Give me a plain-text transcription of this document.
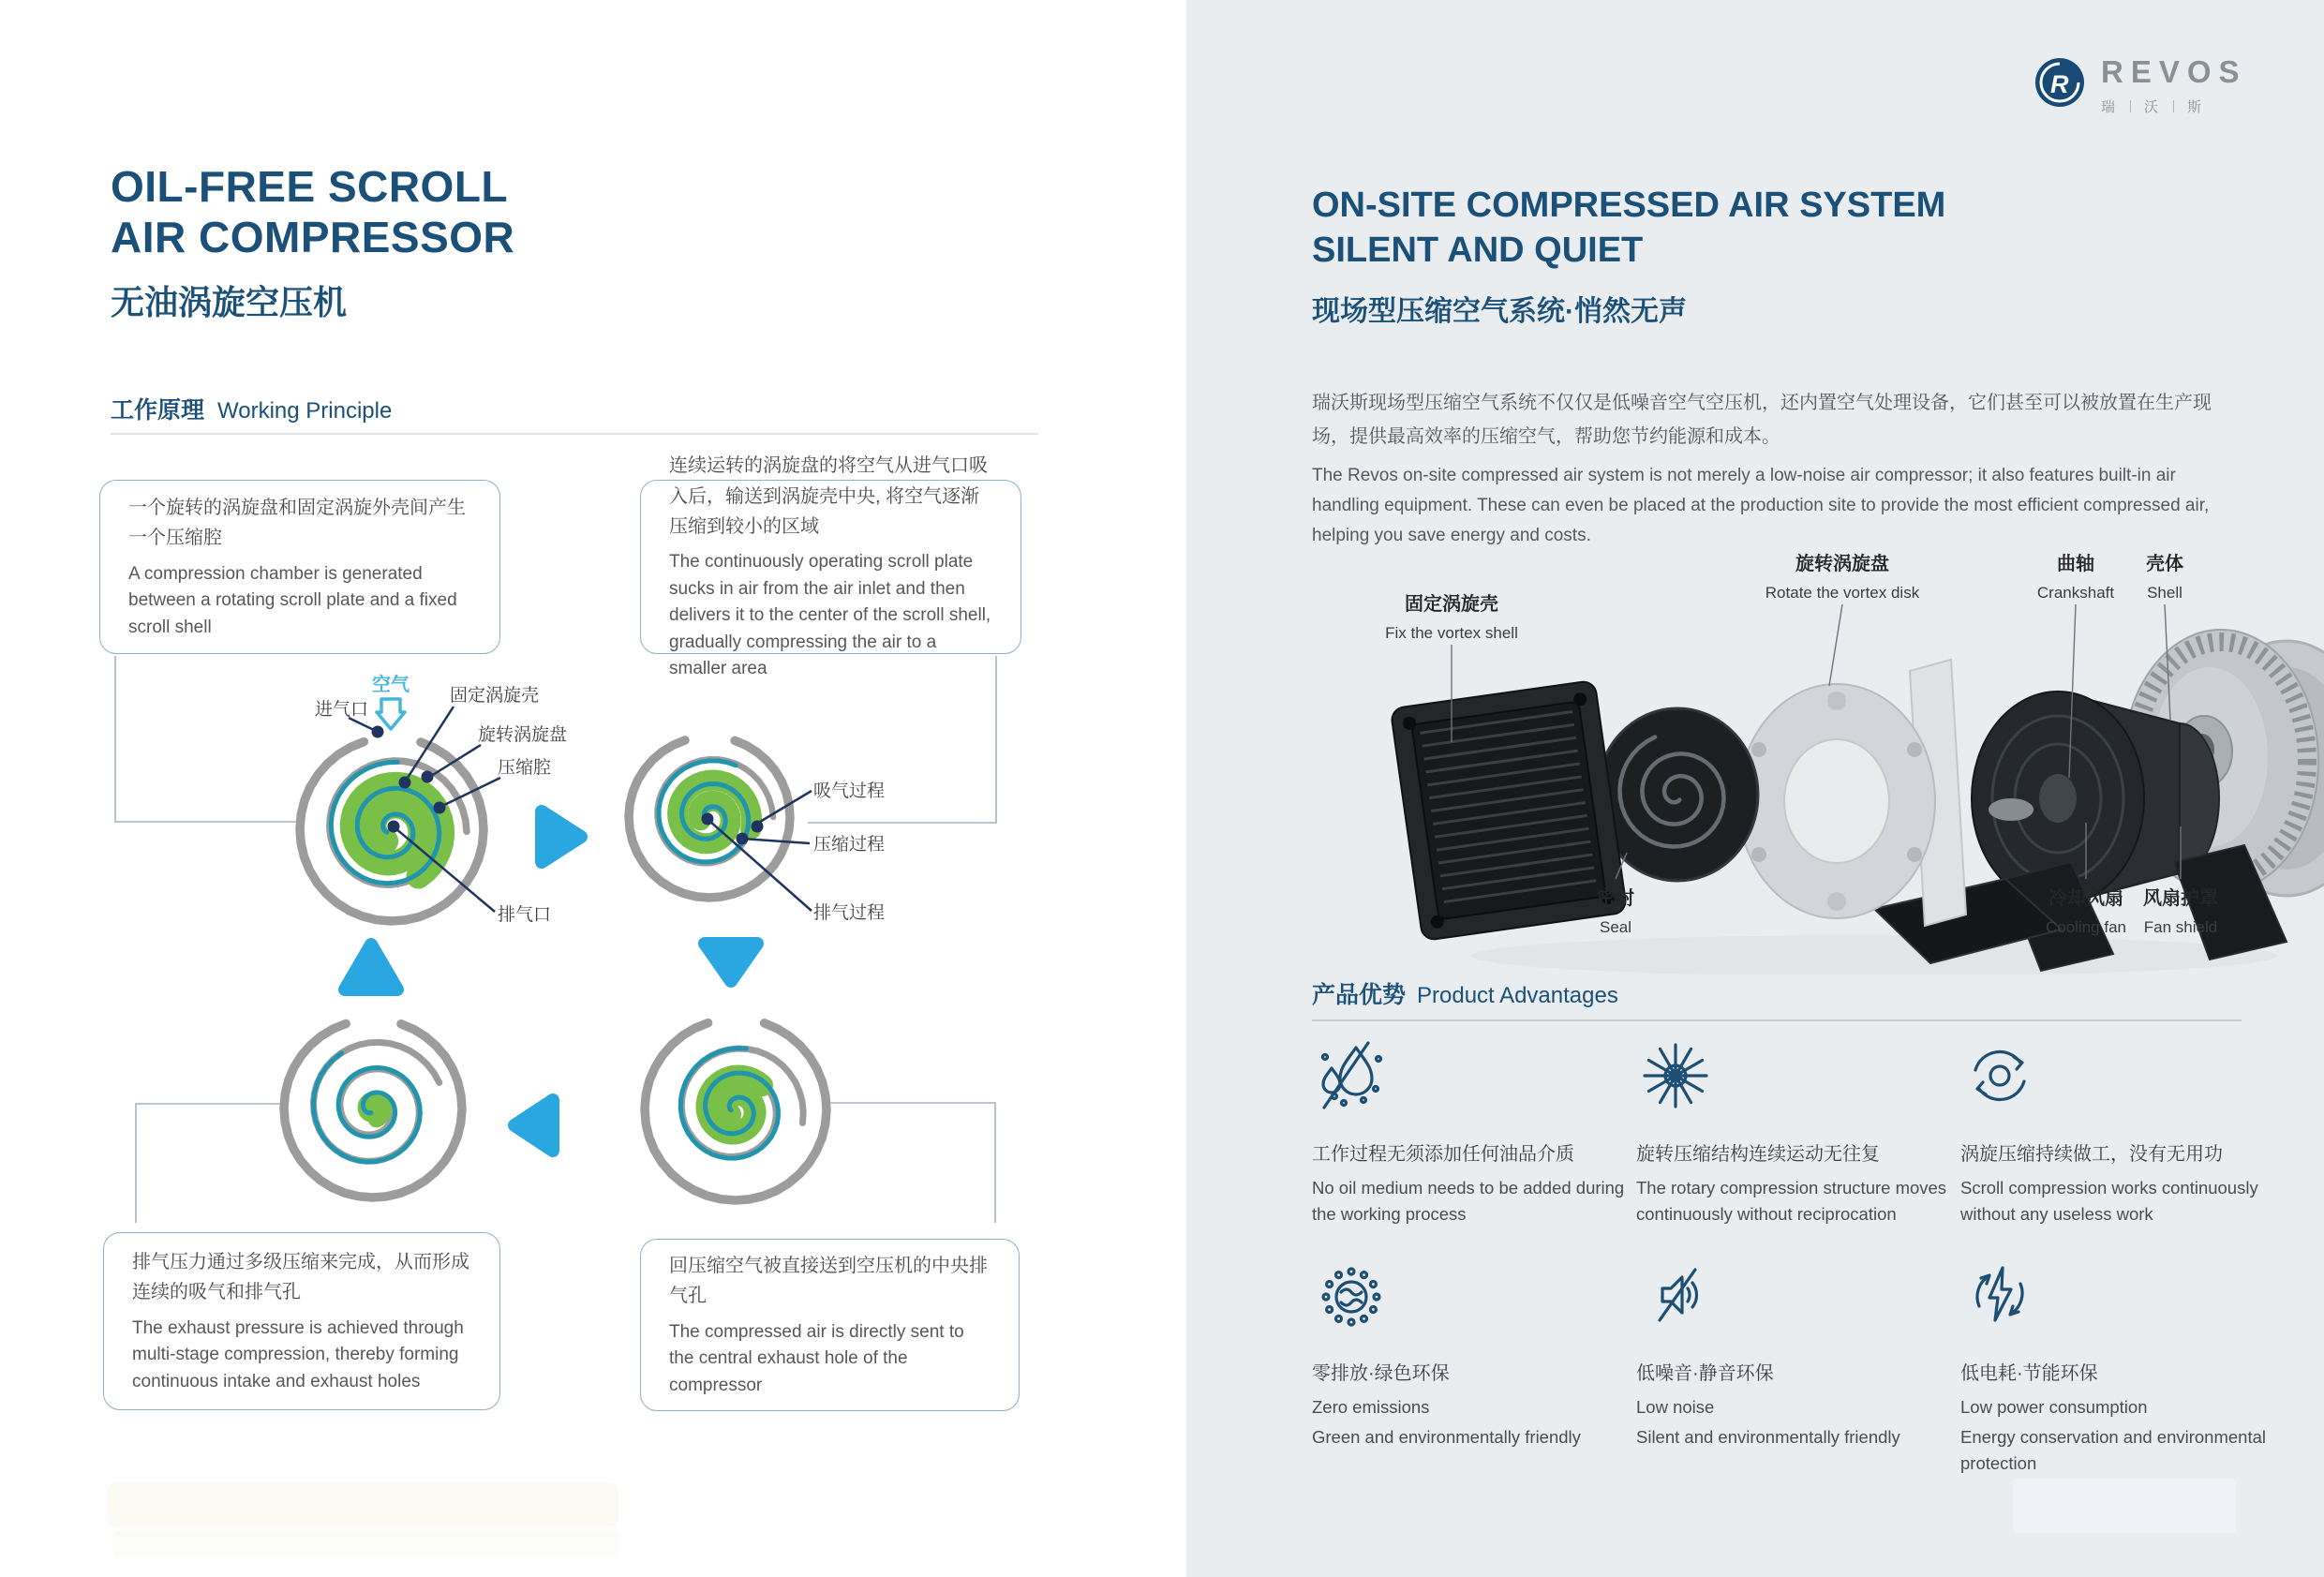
OIL-FREE SCROLL
AIR COMPRESSOR
无油涡旋空压机
工作原理 Working Principle
一个旋转的涡旋盘和固定涡旋外壳间产生一个压缩腔
A compression chamber is generated between a rotating scroll plate and a fixed scroll shell
连续运转的涡旋盘的将空气从进气口吸入后，输送到涡旋壳中央, 将空气逐渐压缩到较小的区域
The continuously operating scroll plate sucks in air from the air inlet and then delivers it to the center of the scroll shell, gradually compressing the air to a smaller area
排气压力通过多级压缩来完成，从而形成连续的吸气和排气孔
The exhaust pressure is achieved through multi-stage compression, thereby forming continuous intake and exhaust holes
回压缩空气被直接送到空压机的中央排气孔
The compressed air is directly sent to the central exhaust hole of the compressor
空气
进气口
固定涡旋壳
旋转涡旋盘
压缩腔
排气口
吸气过程
压缩过程
排气过程
R REVOS
瑞 沃 斯
ON-SITE COMPRESSED AIR SYSTEM
SILENT AND QUIET
现场型压缩空气系统·悄然无声
瑞沃斯现场型压缩空气系统不仅仅是低噪音空气空压机，还内置空气处理设备，它们甚至可以被放置在生产现场，提供最高效率的压缩空气，帮助您节约能源和成本。
The Revos on-site compressed air system is not merely a low-noise air compressor; it also features built-in air handling equipment. These can even be placed at the production site to provide the most efficient compressed air, helping you save energy and costs.
固定涡旋壳
Fix the vortex shell
旋转涡旋盘
Rotate the vortex disk
曲轴
Crankshaft
壳体
Shell
密封
Seal
冷却风扇
Cooling fan
风扇护罩
Fan shield
产品优势 Product Advantages
工作过程无须添加任何油品介质
No oil medium needs to be added during the working process
旋转压缩结构连续运动无往复
The rotary compression structure moves continuously without reciprocation
涡旋压缩持续做工，没有无用功
Scroll compression works continuously without any useless work
零排放·绿色环保
Zero emissions
Green and environmentally friendly
低噪音·静音环保
Low noise
Silent and environmentally friendly
低电耗·节能环保
Low power consumption
Energy conservation and environmental protection
